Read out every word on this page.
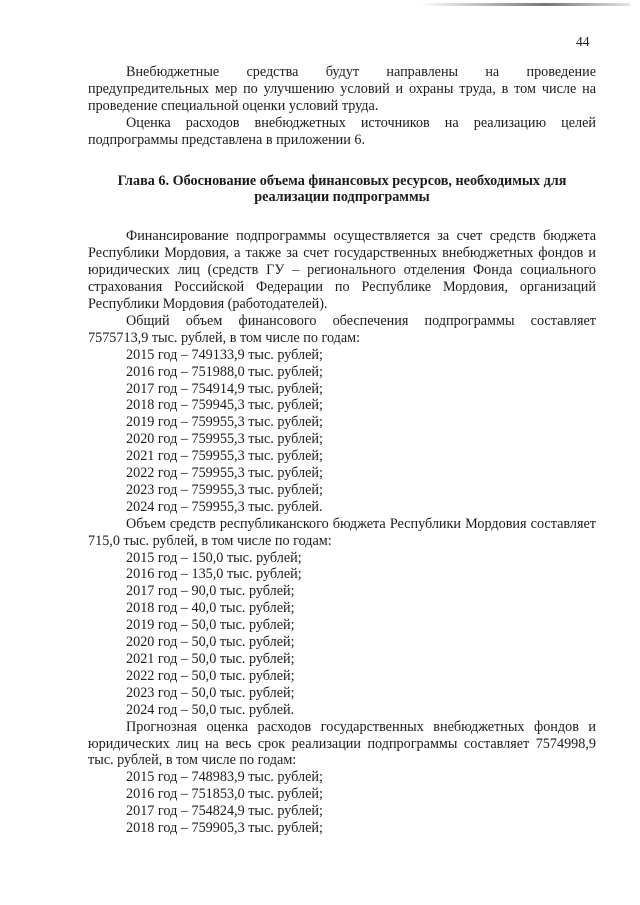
44

Внебюджетные средства будут направлены на проведение предупредительных мер по улучшению условий и охраны труда, в том числе на проведение специальной оценки условий труда.

Оценка расходов внебюджетных источников на реализацию целей подпрограммы представлена в приложении 6.

Глава 6. Обоснование объема финансовых ресурсов, необходимых для реализации подпрограммы

Финансирование подпрограммы осуществляется за счет средств бюджета Республики Мордовия, а также за счет государственных внебюджетных фондов и юридических лиц (средств ГУ – регионального отделения Фонда социального страхования Российской Федерации по Республике Мордовия, организаций Республики Мордовия (работодателей).

Общий объем финансового обеспечения подпрограммы составляет 7575713,9 тыс. рублей, в том числе по годам:

2015 год – 749133,9 тыс. рублей;
2016 год – 751988,0 тыс. рублей;
2017 год – 754914,9 тыс. рублей;
2018 год – 759945,3 тыс. рублей;
2019 год – 759955,3 тыс. рублей;
2020 год – 759955,3 тыс. рублей;
2021 год – 759955,3 тыс. рублей;
2022 год – 759955,3 тыс. рублей;
2023 год – 759955,3 тыс. рублей;
2024 год – 759955,3 тыс. рублей.

Объем средств республиканского бюджета Республики Мордовия составляет 715,0 тыс. рублей, в том числе по годам:

2015 год – 150,0 тыс. рублей;
2016 год – 135,0 тыс. рублей;
2017 год – 90,0 тыс. рублей;
2018 год – 40,0 тыс. рублей;
2019 год – 50,0 тыс. рублей;
2020 год – 50,0 тыс. рублей;
2021 год – 50,0 тыс. рублей;
2022 год – 50,0 тыс. рублей;
2023 год – 50,0 тыс. рублей;
2024 год – 50,0 тыс. рублей.

Прогнозная оценка расходов государственных внебюджетных фондов и юридических лиц на весь срок реализации подпрограммы составляет 7574998,9 тыс. рублей, в том числе по годам:

2015 год – 748983,9 тыс. рублей;
2016 год – 751853,0 тыс. рублей;
2017 год – 754824,9 тыс. рублей;
2018 год – 759905,3 тыс. рублей;
